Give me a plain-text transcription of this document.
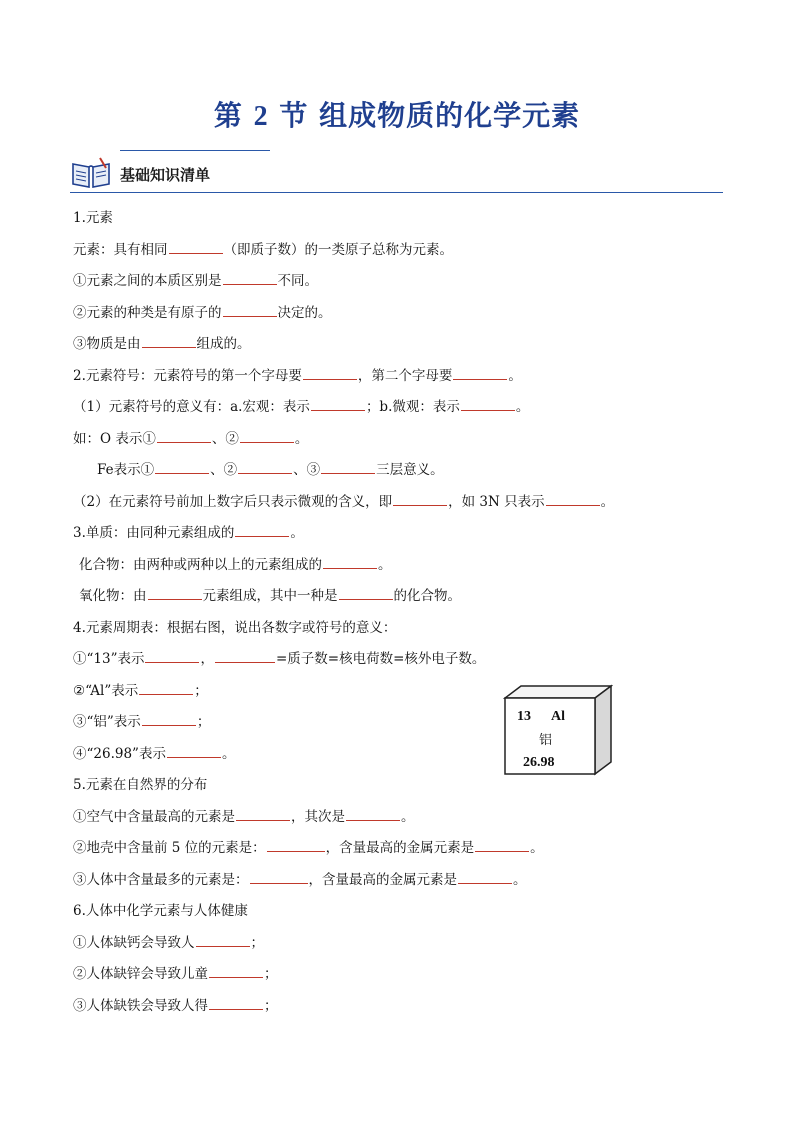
第 2 节 组成物质的化学元素
基础知识清单
1.元素
元素：具有相同	（即质子数）的一类原子总称为元素。
①元素之间的本质区别是	不同。
②元素的种类是有原子的	决定的。
③物质是由	组成的。
2.元素符号：元素符号的第一个字母要	，第二个字母要	。
（1）元素符号的意义有：a.宏观：表示	；b.微观：表示	。
如：O 表示①	、②	。
Fe表示①	、②	、③	三层意义。
（2）在元素符号前加上数字后只表示微观的含义，即	，如 3N 只表示	。
3.单质：由同种元素组成的	。
化合物：由两种或两种以上的元素组成的	。
氧化物：由	元素组成，其中一种是	的化合物。
4.元素周期表：根据右图，说出各数字或符号的意义：
①“13”表示	，	=质子数=核电荷数=核外电子数。
②“Al”表示	；
③“铝”表示	；
④“26.98”表示	。
5.元素在自然界的分布
①空气中含量最高的元素是	，其次是	。
②地壳中含量前 5 位的元素是：	，含量最高的金属元素是	。
③人体中含量最多的元素是：	，含量最高的金属元素是	。
6.人体中化学元素与人体健康
①人体缺钙会导致人	；
②人体缺锌会导致儿童	；
③人体缺铁会导致人得	；
13 Al
铝
26.98
